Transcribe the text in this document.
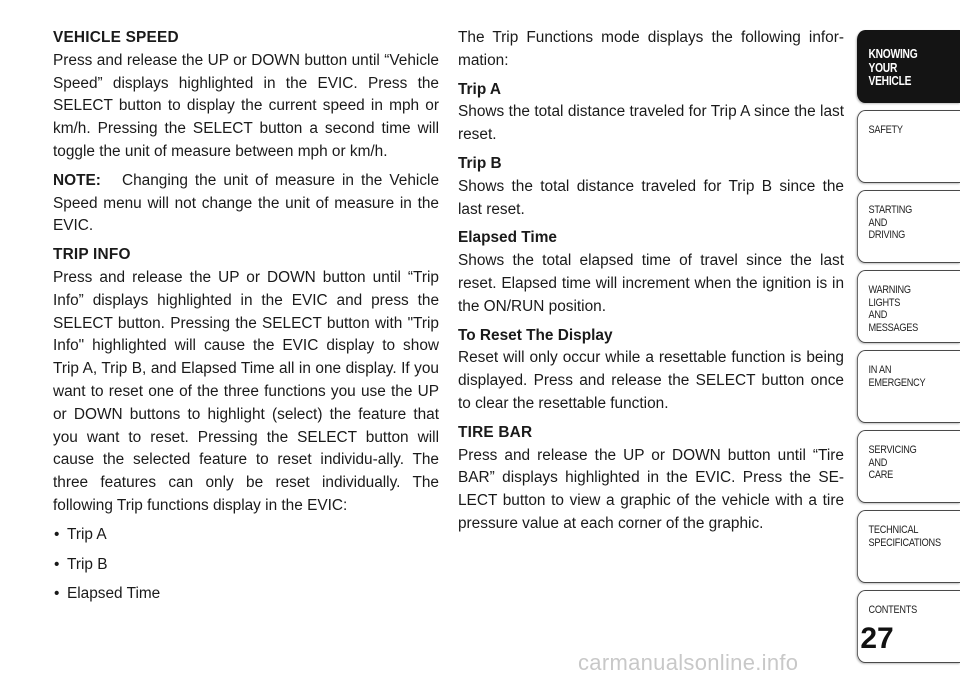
VEHICLE SPEED

Press and release the UP or DOWN button until “Vehicle Speed” displays highlighted in the EVIC. Press the SELECT button to display the current speed in mph or km/h. Pressing the SELECT button a second time will toggle the unit of measure between mph or km/h.

NOTE: Changing the unit of measure in the Vehicle Speed menu will not change the unit of measure in the EVIC.

TRIP INFO

Press and release the UP or DOWN button until “Trip Info” displays highlighted in the EVIC and press the SELECT button. Pressing the SELECT button with "Trip Info" highlighted will cause the EVIC display to show Trip A, Trip B, and Elapsed Time all in one display. If you want to reset one of the three functions you use the UP or DOWN buttons to highlight (select) the feature that you want to reset. Pressing the SELECT button will cause the selected feature to reset individu-ally. The three features can only be reset individually. The following Trip functions display in the EVIC:

• Trip A
• Trip B
• Elapsed Time

The Trip Functions mode displays the following infor-mation:

Trip A

Shows the total distance traveled for Trip A since the last reset.

Trip B

Shows the total distance traveled for Trip B since the last reset.

Elapsed Time

Shows the total elapsed time of travel since the last reset. Elapsed time will increment when the ignition is in the ON/RUN position.

To Reset The Display

Reset will only occur while a resettable function is being displayed. Press and release the SELECT button once to clear the resettable function.

TIRE BAR

Press and release the UP or DOWN button until “Tire BAR” displays highlighted in the EVIC. Press the SE-LECT button to view a graphic of the vehicle with a tire pressure value at each corner of the graphic.

KNOWING
YOUR
VEHICLE
SAFETY
STARTING
AND
DRIVING
WARNING
LIGHTS
AND
MESSAGES
IN AN
EMERGENCY
SERVICING
AND
CARE
TECHNICAL
SPECIFICATIONS
CONTENTS
27
carmanualsonline.info
